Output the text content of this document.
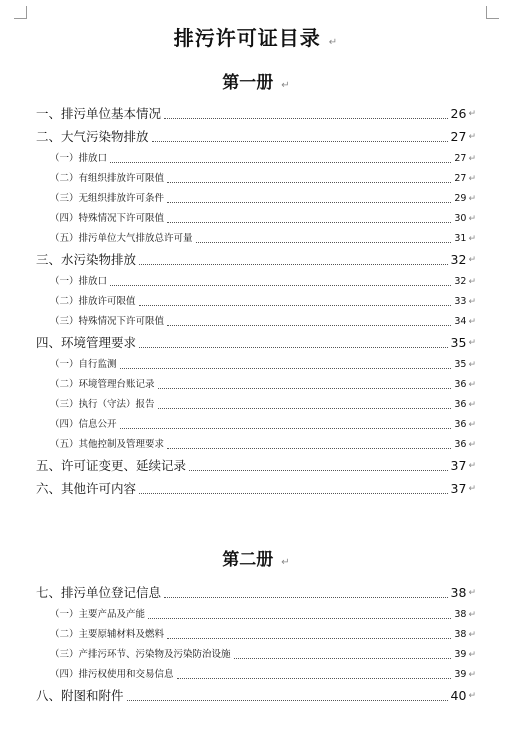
排污许可证目录 ↵
第一册 ↵
一、排污单位基本情况	26 ↵
二、大气污染物排放	27 ↵
（一）排放口	27 ↵
（二）有组织排放许可限值	27 ↵
（三）无组织排放许可条件	29 ↵
（四）特殊情况下许可限值	30 ↵
（五）排污单位大气排放总许可量	31 ↵
三、水污染物排放	32 ↵
（一）排放口	32 ↵
（二）排放许可限值	33 ↵
（三）特殊情况下许可限值	34 ↵
四、环境管理要求	35 ↵
（一）自行监测	35 ↵
（二）环境管理台账记录	36 ↵
（三）执行（守法）报告	36 ↵
（四）信息公开	36 ↵
（五）其他控制及管理要求	36 ↵
五、许可证变更、延续记录	37 ↵
六、其他许可内容	37 ↵
第二册 ↵
七、排污单位登记信息	38 ↵
（一）主要产品及产能	38 ↵
（二）主要原辅材料及燃料	38 ↵
（三）产排污环节、污染物及污染防治设施	39 ↵
（四）排污权使用和交易信息	39 ↵
八、附图和附件	40 ↵
